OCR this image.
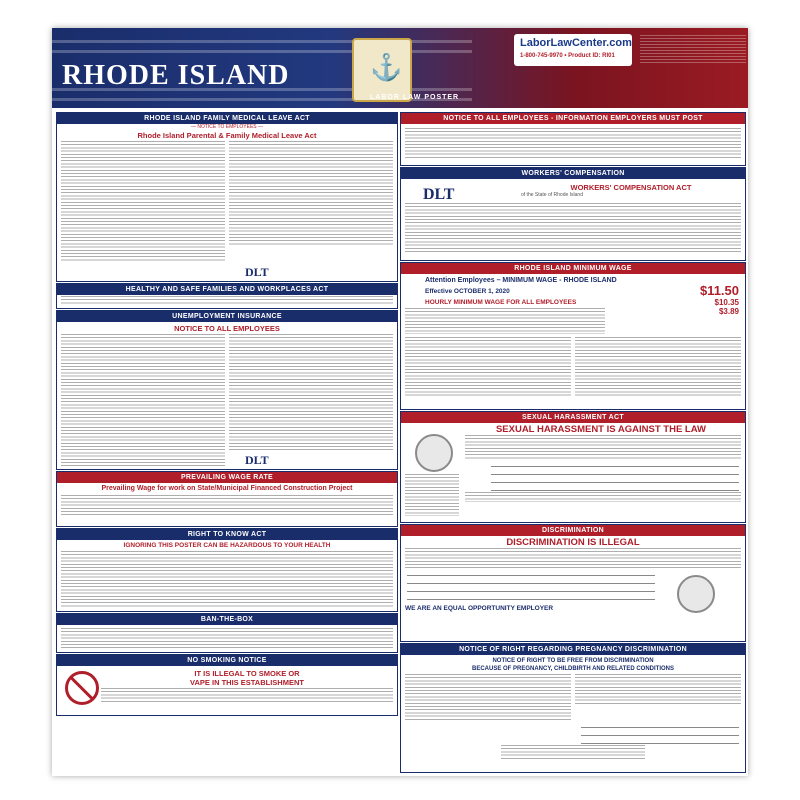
RHODE ISLAND	⚓
LABOR LAW POSTER
LaborLawCenter.com
1-800-745-9970 • Product ID: RI01
RHODE ISLAND FAMILY MEDICAL LEAVE ACT
— NOTICE TO EMPLOYEES —
Rhode Island Parental & Family Medical Leave Act
DLT
HEALTHY AND SAFE FAMILIES AND WORKPLACES ACT
UNEMPLOYMENT INSURANCE
NOTICE TO ALL EMPLOYEES
DLT
PREVAILING WAGE RATE
Prevailing Wage for work on State/Municipal Financed Construction Project
RIGHT TO KNOW ACT
IGNORING THIS POSTER CAN BE HAZARDOUS TO YOUR HEALTH
BAN-THE-BOX
NO SMOKING NOTICE
IT IS ILLEGAL TO SMOKE OR
VAPE IN THIS ESTABLISHMENT
NOTICE TO ALL EMPLOYEES - INFORMATION EMPLOYERS MUST POST
WORKERS' COMPENSATION
DLT	WORKERS' COMPENSATION ACT
of the State of Rhode Island
RHODE ISLAND MINIMUM WAGE
Attention Employees – MINIMUM WAGE - RHODE ISLAND
Effective OCTOBER 1, 2020
HOURLY MINIMUM WAGE FOR ALL EMPLOYEES
$11.50
$10.35
$3.89
SEXUAL HARASSMENT ACT
SEXUAL HARASSMENT IS AGAINST THE LAW
DISCRIMINATION
DISCRIMINATION IS ILLEGAL
WE ARE AN EQUAL OPPORTUNITY EMPLOYER
NOTICE OF RIGHT REGARDING PREGNANCY DISCRIMINATION
NOTICE OF RIGHT TO BE FREE FROM DISCRIMINATION
BECAUSE OF PREGNANCY, CHILDBIRTH AND RELATED CONDITIONS
